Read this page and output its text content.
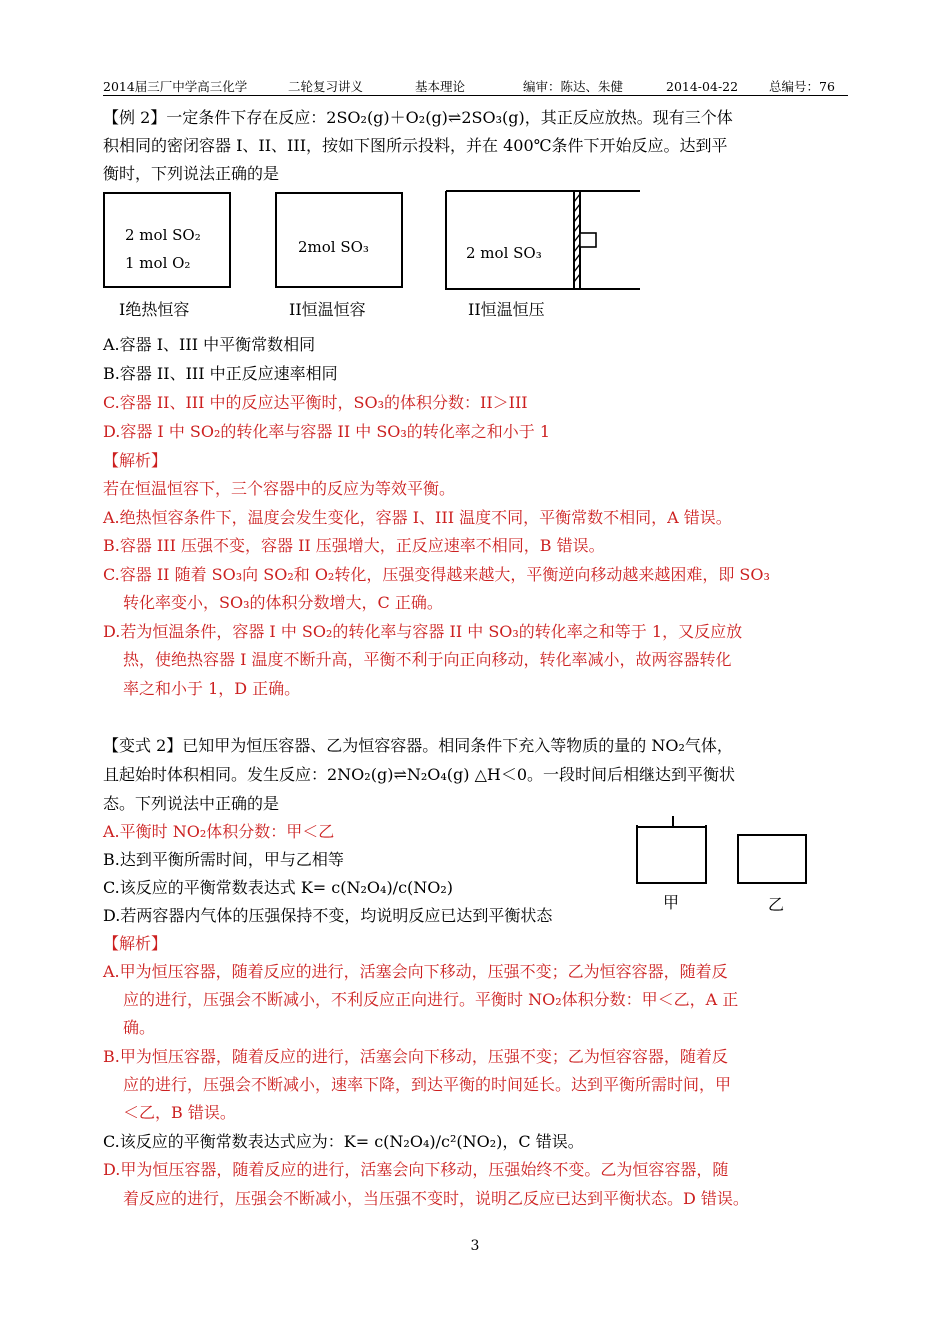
2014届三厂中学高三化学	二轮复习讲义	基本理论	编审：陈达、朱健	2014-04-22 总编号：76
【例 2】一定条件下存在反应：2SO₂(g)＋O₂(g)⇌2SO₃(g)，其正反应放热。现有三个体
积相同的密闭容器 I、II、III，按如下图所示投料，并在 400℃条件下开始反应。达到平
衡时，下列说法正确的是
2 mol SO₂
1 mol O₂
I绝热恒容
2mol SO₃
II恒温恒容
2 mol SO₃
II恒温恒压
A.容器 I、III 中平衡常数相同
B.容器 II、III 中正反应速率相同
C.容器 II、III 中的反应达平衡时，SO₃的体积分数：II＞III
D.容器 I 中 SO₂的转化率与容器 II 中 SO₃的转化率之和小于 1
【解析】
若在恒温恒容下，三个容器中的反应为等效平衡。
A.绝热恒容条件下，温度会发生变化，容器 I、III 温度不同，平衡常数不相同，A 错误。
B.容器 III 压强不变，容器 II 压强增大，正反应速率不相同，B 错误。
C.容器 II 随着 SO₃向 SO₂和 O₂转化，压强变得越来越大，平衡逆向移动越来越困难，即 SO₃
转化率变小，SO₃的体积分数增大，C 正确。
D.若为恒温条件，容器 I 中 SO₂的转化率与容器 II 中 SO₃的转化率之和等于 1，又反应放
热，使绝热容器 I 温度不断升高，平衡不利于向正向移动，转化率减小，故两容器转化
率之和小于 1，D 正确。
【变式 2】已知甲为恒压容器、乙为恒容容器。相同条件下充入等物质的量的 NO₂气体，
且起始时体积相同。发生反应：2NO₂(g)⇌N₂O₄(g) △H＜0。一段时间后相继达到平衡状
态。下列说法中正确的是
A.平衡时 NO₂体积分数：甲＜乙
B.达到平衡所需时间，甲与乙相等
C.该反应的平衡常数表达式 K= c(N₂O₄)/c(NO₂)
D.若两容器内气体的压强保持不变，均说明反应已达到平衡状态
甲	乙
【解析】
A.甲为恒压容器，随着反应的进行，活塞会向下移动，压强不变；乙为恒容容器，随着反
应的进行，压强会不断减小，不利反应正向进行。平衡时 NO₂体积分数：甲＜乙，A 正
确。
B.甲为恒压容器，随着反应的进行，活塞会向下移动，压强不变；乙为恒容容器，随着反
应的进行，压强会不断减小，速率下降，到达平衡的时间延长。达到平衡所需时间，甲
＜乙，B 错误。
C.该反应的平衡常数表达式应为：K= c(N₂O₄)/c²(NO₂)，C 错误。
D.甲为恒压容器，随着反应的进行，活塞会向下移动，压强始终不变。乙为恒容容器，随
着反应的进行，压强会不断减小，当压强不变时，说明乙反应已达到平衡状态。D 错误。
3
